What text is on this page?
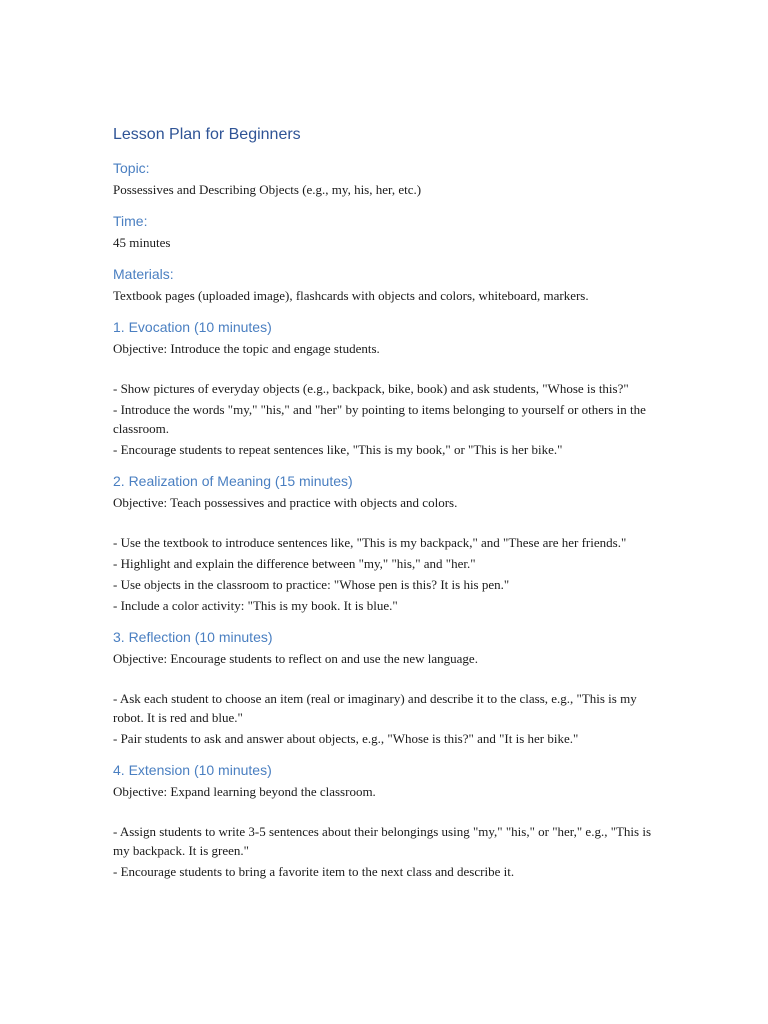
Lesson Plan for Beginners
Topic:

Possessives and Describing Objects (e.g., my, his, her, etc.)

Time:

45 minutes

Materials:

Textbook pages (uploaded image), flashcards with objects and colors, whiteboard, markers.

1. Evocation (10 minutes)

Objective: Introduce the topic and engage students.

- Show pictures of everyday objects (e.g., backpack, bike, book) and ask students, "Whose is this?"

- Introduce the words "my," "his," and "her" by pointing to items belonging to yourself or others in the classroom.

- Encourage students to repeat sentences like, "This is my book," or "This is her bike."

2. Realization of Meaning (15 minutes)

Objective: Teach possessives and practice with objects and colors.

- Use the textbook to introduce sentences like, "This is my backpack," and "These are her friends."

- Highlight and explain the difference between "my," "his," and "her."

- Use objects in the classroom to practice: "Whose pen is this? It is his pen."

- Include a color activity: "This is my book. It is blue."

3. Reflection (10 minutes)

Objective: Encourage students to reflect on and use the new language.

- Ask each student to choose an item (real or imaginary) and describe it to the class, e.g., "This is my robot. It is red and blue."

- Pair students to ask and answer about objects, e.g., "Whose is this?" and "It is her bike."

4. Extension (10 minutes)

Objective: Expand learning beyond the classroom.

- Assign students to write 3-5 sentences about their belongings using "my," "his," or "her," e.g., "This is my backpack. It is green."

- Encourage students to bring a favorite item to the next class and describe it.
